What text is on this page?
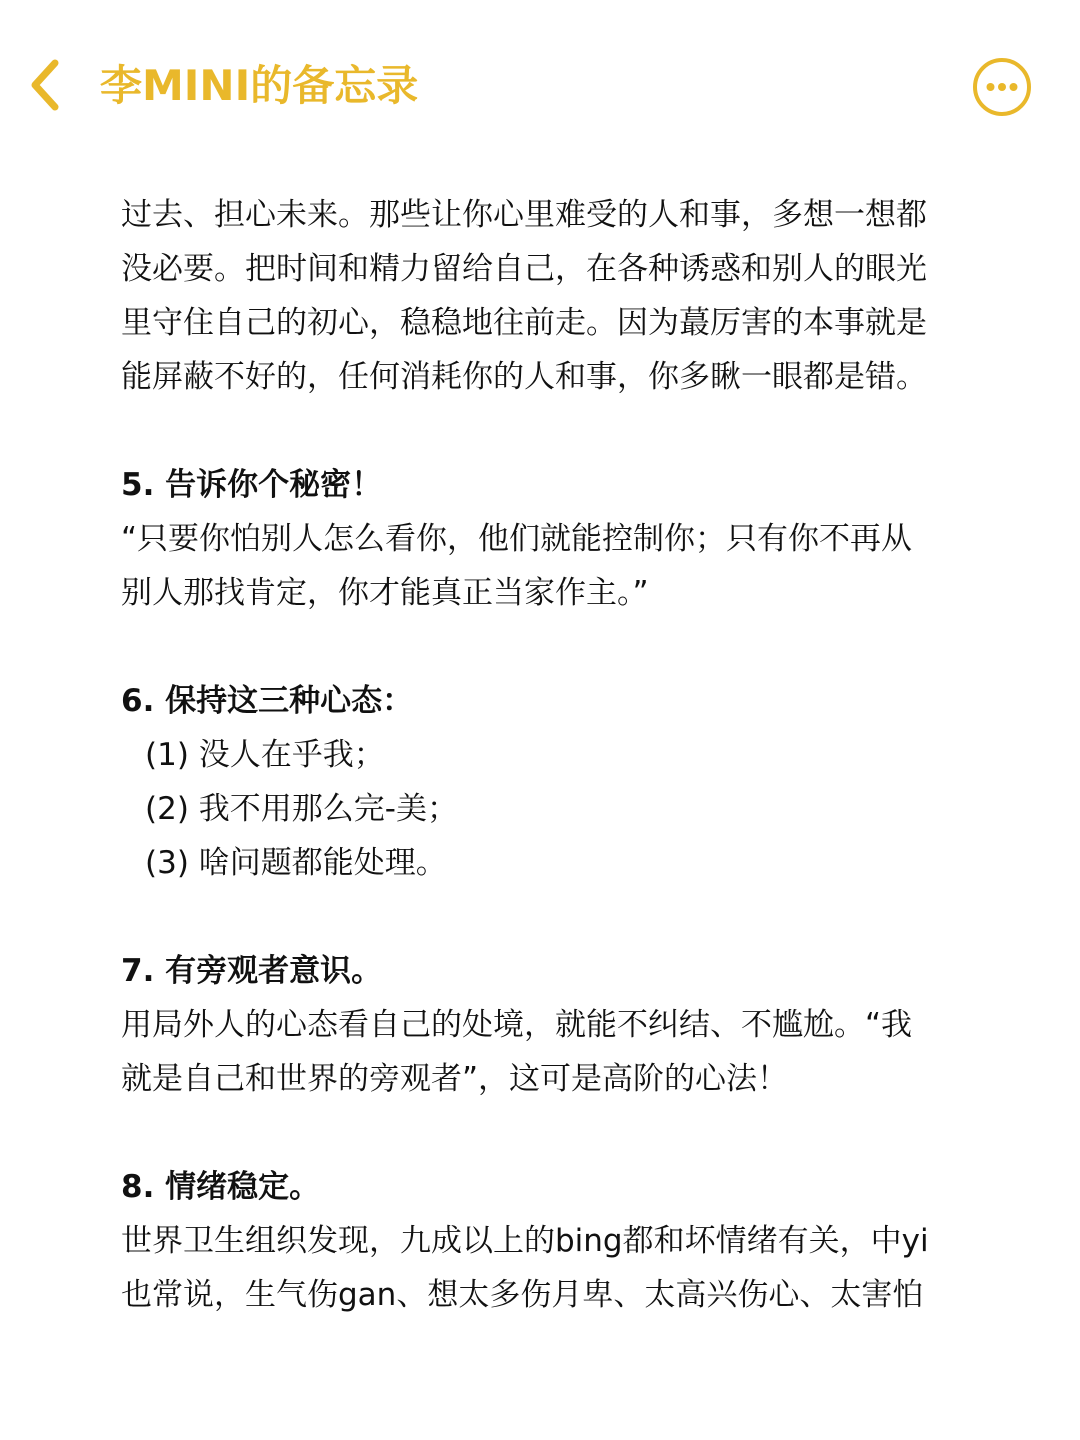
李MINI的备忘录
过去、担心未来。那些让你心里难受的人和事，多想一想都
没必要。把时间和精力留给自己，在各种诱惑和别人的眼光
里守住自己的初心，稳稳地往前走。因为蕞厉害的本事就是
能屏蔽不好的，任何消耗你的人和事，你多瞅一眼都是错。
5. 告诉你个秘密！
“只要你怕别人怎么看你，他们就能控制你；只有你不再从
别人那找肯定，你才能真正当家作主。”
6. 保持这三种心态：
(1) 没人在乎我；
(2) 我不用那么完-美；
(3) 啥问题都能处理。
7. 有旁观者意识。
用局外人的心态看自己的处境，就能不纠结、不尴尬。“我
就是自己和世界的旁观者”，这可是高阶的心法！
8. 情绪稳定。
世界卫生组织发现，九成以上的bing都和坏情绪有关，中yi
也常说，生气伤gan、想太多伤月卑、太高兴伤心、太害怕
